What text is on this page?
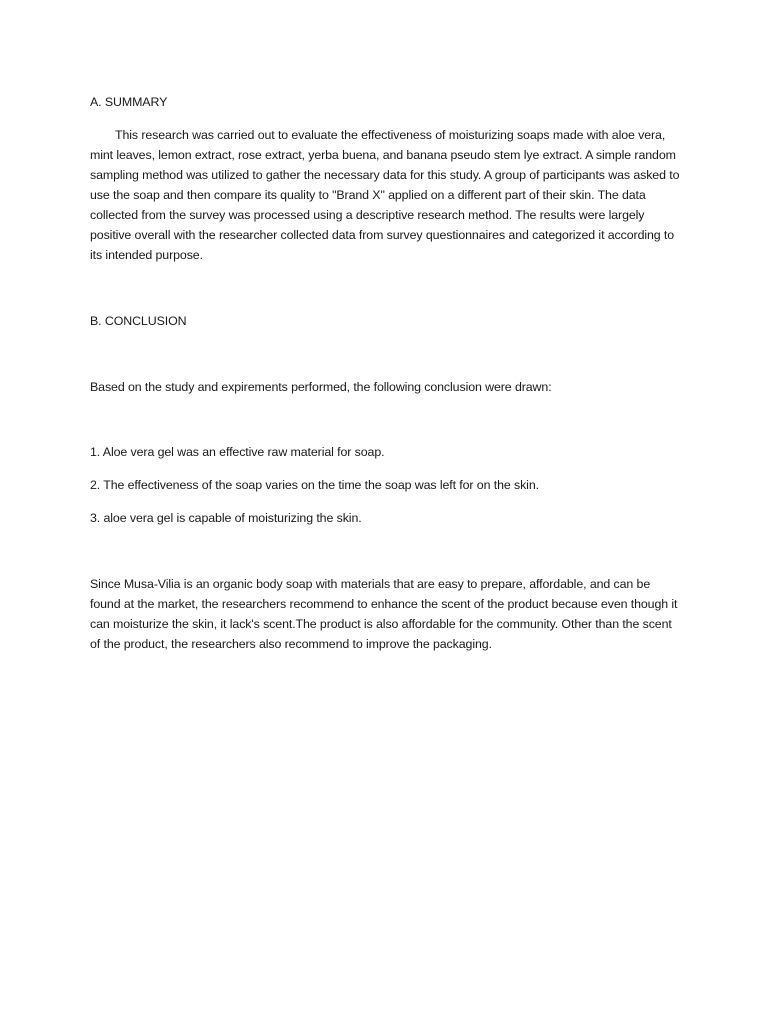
A. SUMMARY

This research was carried out to evaluate the effectiveness of moisturizing soaps made with aloe vera, mint leaves, lemon extract, rose extract, yerba buena, and banana pseudo stem lye extract. A simple random sampling method was utilized to gather the necessary data for this study. A group of participants was asked to use the soap and then compare its quality to "Brand X" applied on a different part of their skin. The data collected from the survey was processed using a descriptive research method. The results were largely positive overall with the researcher collected data from survey questionnaires and categorized it according to its intended purpose.

B. CONCLUSION

Based on the study and expirements performed, the following conclusion were drawn:

1. Aloe vera gel was an effective raw material for soap.

2. The effectiveness of the soap varies on the time the soap was left for on the skin.

3. aloe vera gel is capable of moisturizing the skin.

Since Musa-Vilia is an organic body soap with materials that are easy to prepare, affordable, and can be found at the market, the researchers recommend to enhance the scent of the product because even though it can moisturize the skin, it lack's scent.The product is also affordable for the community. Other than the scent of the product, the researchers also recommend to improve the packaging.
